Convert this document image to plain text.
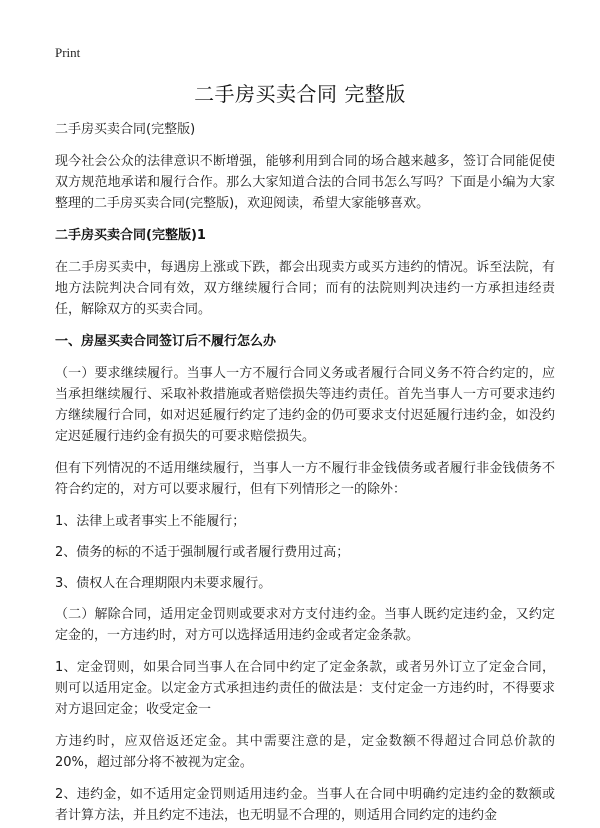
Print
二手房买卖合同 完整版

二手房买卖合同(完整版)

现今社会公众的法律意识不断增强，能够利用到合同的场合越来越多，签订合同能促使双方规范地承诺和履行合作。那么大家知道合法的合同书怎么写吗？下面是小编为大家整理的二手房买卖合同(完整版)，欢迎阅读，希望大家能够喜欢。

二手房买卖合同(完整版)1

在二手房买卖中，每遇房上涨或下跌，都会出现卖方或买方违约的情况。诉至法院，有地方法院判决合同有效，双方继续履行合同；而有的法院则判决违约一方承担违经责任，解除双方的买卖合同。

一、房屋买卖合同签订后不履行怎么办

（一）要求继续履行。当事人一方不履行合同义务或者履行合同义务不符合约定的，应当承担继续履行、采取补救措施或者赔偿损失等违约责任。首先当事人一方可要求违约方继续履行合同，如对迟延履行约定了违约金的仍可要求支付迟延履行违约金，如没约定迟延履行违约金有损失的可要求赔偿损失。

但有下列情况的不适用继续履行，当事人一方不履行非金钱债务或者履行非金钱债务不符合约定的，对方可以要求履行，但有下列情形之一的除外：

1、法律上或者事实上不能履行；

2、债务的标的不适于强制履行或者履行费用过高；

3、债权人在合理期限内未要求履行。

（二）解除合同，适用定金罚则或要求对方支付违约金。当事人既约定违约金，又约定定金的，一方违约时，对方可以选择适用违约金或者定金条款。

1、定金罚则，如果合同当事人在合同中约定了定金条款，或者另外订立了定金合同，则可以适用定金。以定金方式承担违约责任的做法是：支付定金一方违约时，不得要求对方退回定金；收受定金一

方违约时，应双倍返还定金。其中需要注意的是，定金数额不得超过合同总价款的20%，超过部分将不被视为定金。

2、违约金，如不适用定金罚则适用违约金。当事人在合同中明确约定违约金的数额或者计算方法，并且约定不违法，也无明显不合理的，则适用合同约定的违约金
